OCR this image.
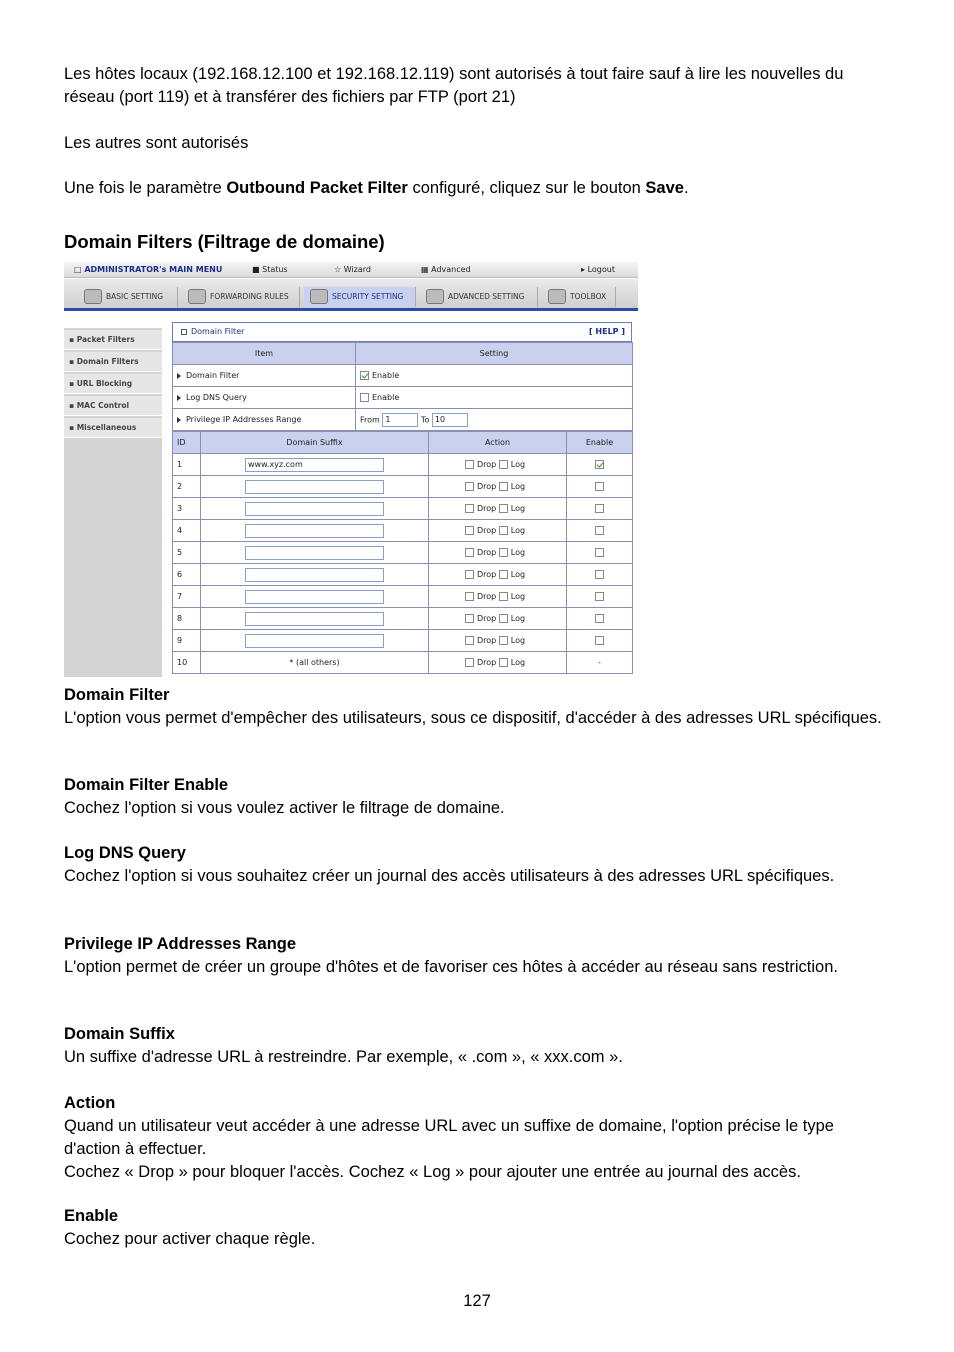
Les hôtes locaux (192.168.12.100 et 192.168.12.119) sont autorisés à tout faire sauf à lire les nouvelles du réseau (port 119) et à transférer des fichiers par FTP (port 21)

Les autres sont autorisés

Une fois le paramètre Outbound Packet Filter configuré, cliquez sur le bouton Save.

Domain Filters (Filtrage de domaine)

□ ADMINISTRATOR's MAIN MENU	■ Status	☆ Wizard	▦ Advanced	▸ Logout
BASIC SETTING	FORWARDING RULES	SECURITY SETTING	ADVANCED SETTING	TOOLBOX
▪ Packet Filters
▪ Domain Filters
▪ URL Blocking
▪ MAC Control
▪ Miscellaneous
Domain Filter	[ HELP ]
Item	Setting
Domain Filter	Enable
Log DNS Query	Enable
Privilege IP Addresses Range	From 1 To 10
ID	Domain Suffix	Action	Enable
1	www.xyz.com	Drop Log	
2		Drop Log	
3		Drop Log	
4		Drop Log	
5		Drop Log	
6		Drop Log	
7		Drop Log	
8		Drop Log	
9		Drop Log	
10	* (all others)	Drop Log	-
Domain Filter
L'option vous permet d'empêcher des utilisateurs, sous ce dispositif, d'accéder à des adresses URL spécifiques.
Domain Filter Enable
Cochez l'option si vous voulez activer le filtrage de domaine.
Log DNS Query
Cochez l'option si vous souhaitez créer un journal des accès utilisateurs à des adresses URL spécifiques.
Privilege IP Addresses Range
L'option permet de créer un groupe d'hôtes et de favoriser ces hôtes à accéder au réseau sans restriction.
Domain Suffix
Un suffixe d'adresse URL à restreindre. Par exemple, « .com », « xxx.com ».
Action
Quand un utilisateur veut accéder à une adresse URL avec un suffixe de domaine, l'option précise le type d'action à effectuer.
Cochez « Drop » pour bloquer l'accès. Cochez « Log » pour ajouter une entrée au journal des accès.
Enable
Cochez pour activer chaque règle.
127
